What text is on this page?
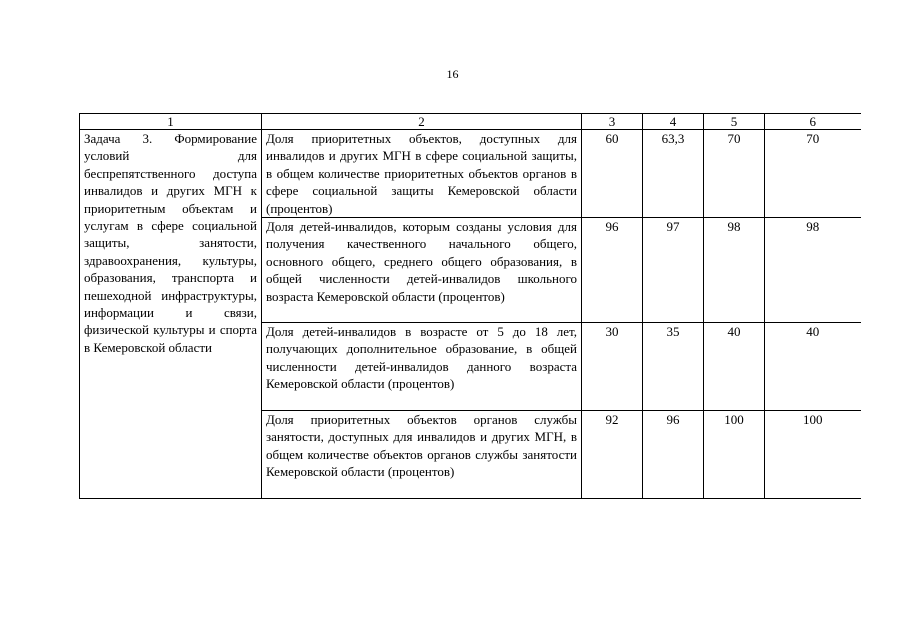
16
1	2	3	4	5	6
Задача 3. Формирование условий для беспрепятственного доступа инвалидов и других МГН к приоритетным объектам и услугам в сфере социальной защиты, занятости, здравоохранения, культуры, образования, транспорта и пешеходной инфраструктуры, информации и связи, физической культуры и спорта в Кемеровской области	Доля приоритетных объектов, доступных для инвалидов и других МГН в сфере социальной защиты, в общем количестве приоритетных объектов органов в сфере социальной защиты Кемеровской области (процентов)	60	63,3	70	70
	Доля детей-инвалидов, которым созданы условия для получения качественного начального общего, основного общего, среднего общего образования, в общей численности детей-инвалидов школьного возраста Кемеровской области (процентов)	96	97	98	98
	Доля детей-инвалидов в возрасте от 5 до 18 лет, получающих дополнительное образование, в общей численности детей-инвалидов данного возраста Кемеровской области (процентов)	30	35	40	40
	Доля приоритетных объектов органов службы занятости, доступных для инвалидов и других МГН, в общем количестве объектов органов службы занятости Кемеровской области (процентов)	92	96	100	100
